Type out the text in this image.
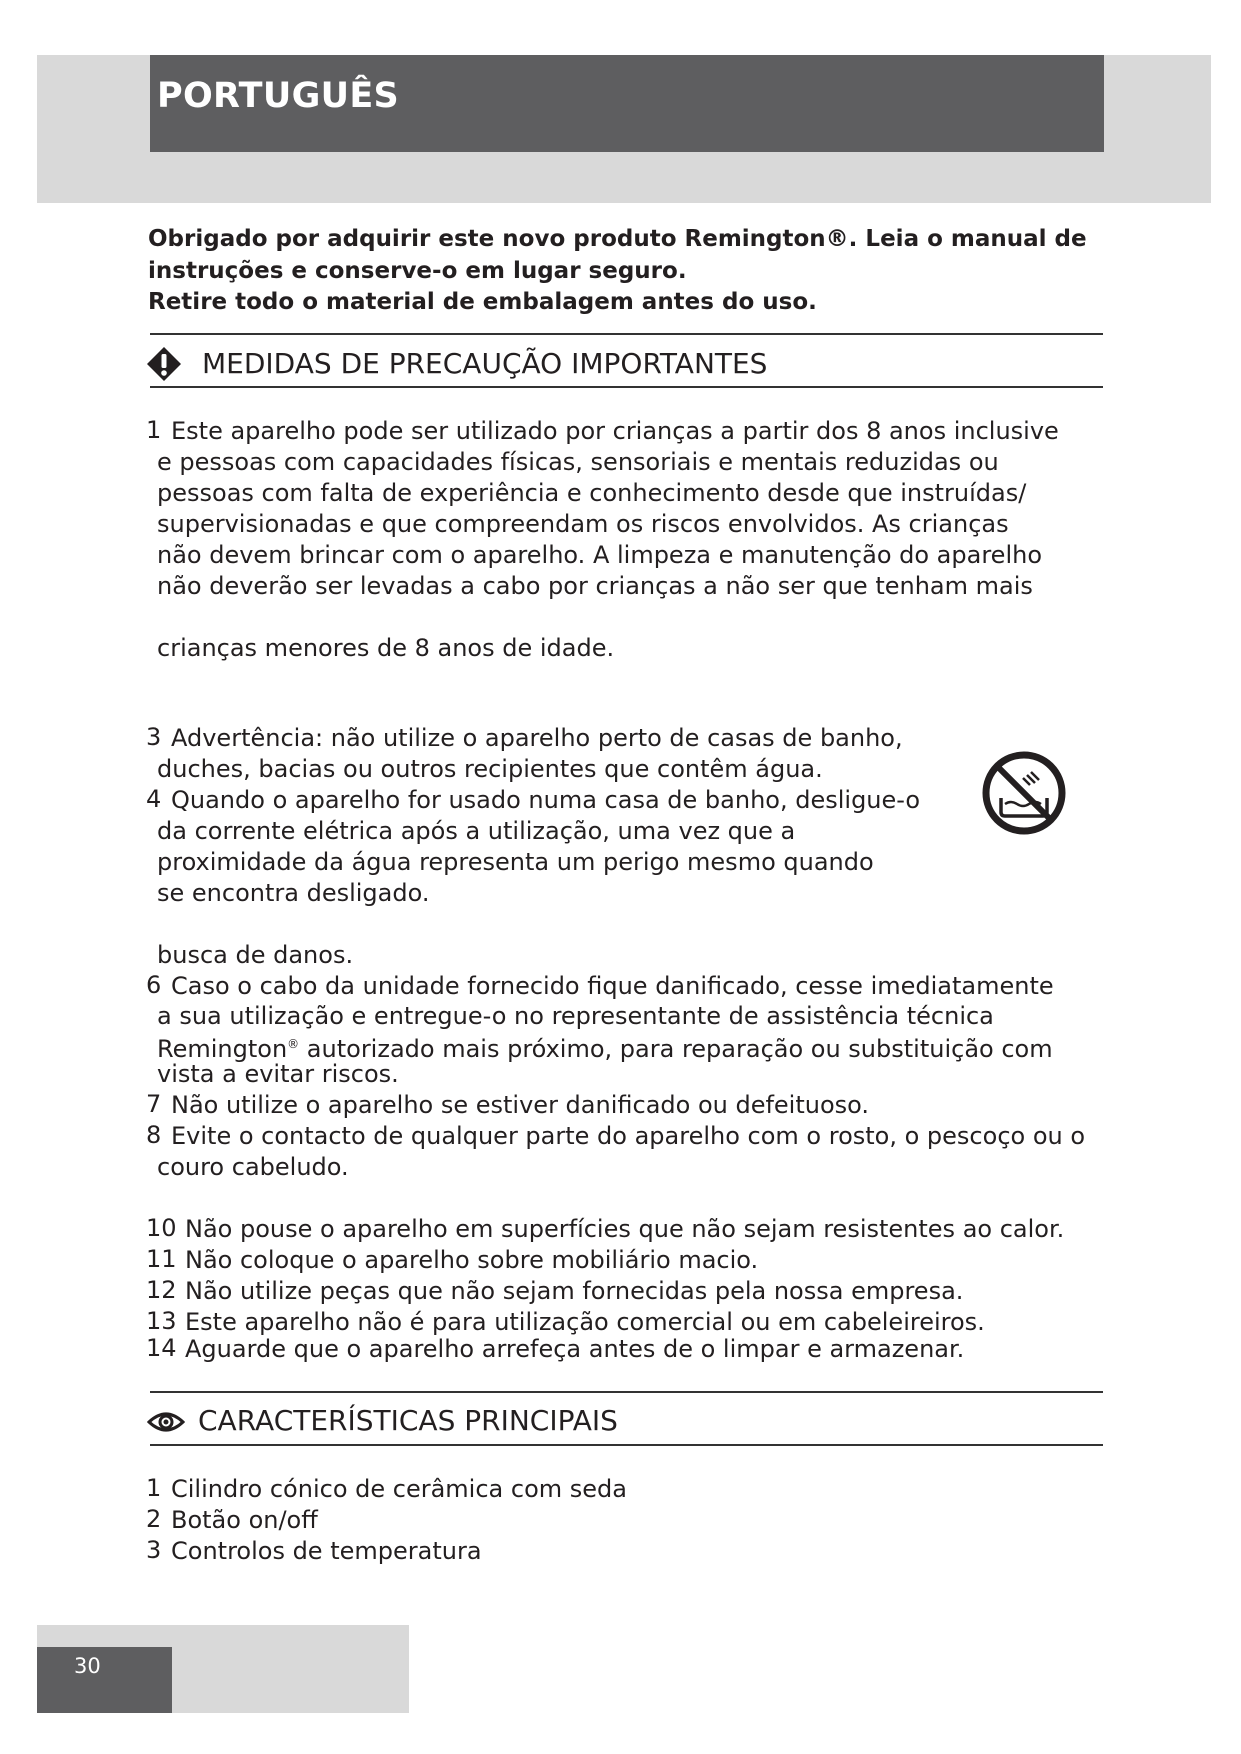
PORTUGUÊS
Obrigado por adquirir este novo produto Remington®. Leia o manual de
instruções e conserve-o em lugar seguro.
Retire todo o material de embalagem antes do uso.
MEDIDAS DE PRECAUÇÃO IMPORTANTES
1 Este aparelho pode ser utilizado por crianças a partir dos 8 anos inclusive
e pessoas com capacidades físicas, sensoriais e mentais reduzidas ou
pessoas com falta de experiência e conhecimento desde que instruídas/
supervisionadas e que compreendam os riscos envolvidos. As crianças
não devem brincar com o aparelho. A limpeza e manutenção do aparelho
não deverão ser levadas a cabo por crianças a não ser que tenham mais
crianças menores de 8 anos de idade.
3 Advertência: não utilize o aparelho perto de casas de banho,
duches, bacias ou outros recipientes que contêm água.
4 Quando o aparelho for usado numa casa de banho, desligue-o
da corrente elétrica após a utilização, uma vez que a
proximidade da água representa um perigo mesmo quando
se encontra desligado.
busca de danos.
6 Caso o cabo da unidade fornecido fique danificado, cesse imediatamente
a sua utilização e entregue-o no representante de assistência técnica
Remington® autorizado mais próximo, para reparação ou substituição com
vista a evitar riscos.
7 Não utilize o aparelho se estiver danificado ou defeituoso.
8 Evite o contacto de qualquer parte do aparelho com o rosto, o pescoço ou o
couro cabeludo.
10 Não pouse o aparelho em superfícies que não sejam resistentes ao calor.
11 Não coloque o aparelho sobre mobiliário macio.
12 Não utilize peças que não sejam fornecidas pela nossa empresa.
13 Este aparelho não é para utilização comercial ou em cabeleireiros.
14 Aguarde que o aparelho arrefeça antes de o limpar e armazenar.
CARACTERÍSTICAS PRINCIPAIS
1 Cilindro cónico de cerâmica com seda
2 Botão on/off
3 Controlos de temperatura
30
